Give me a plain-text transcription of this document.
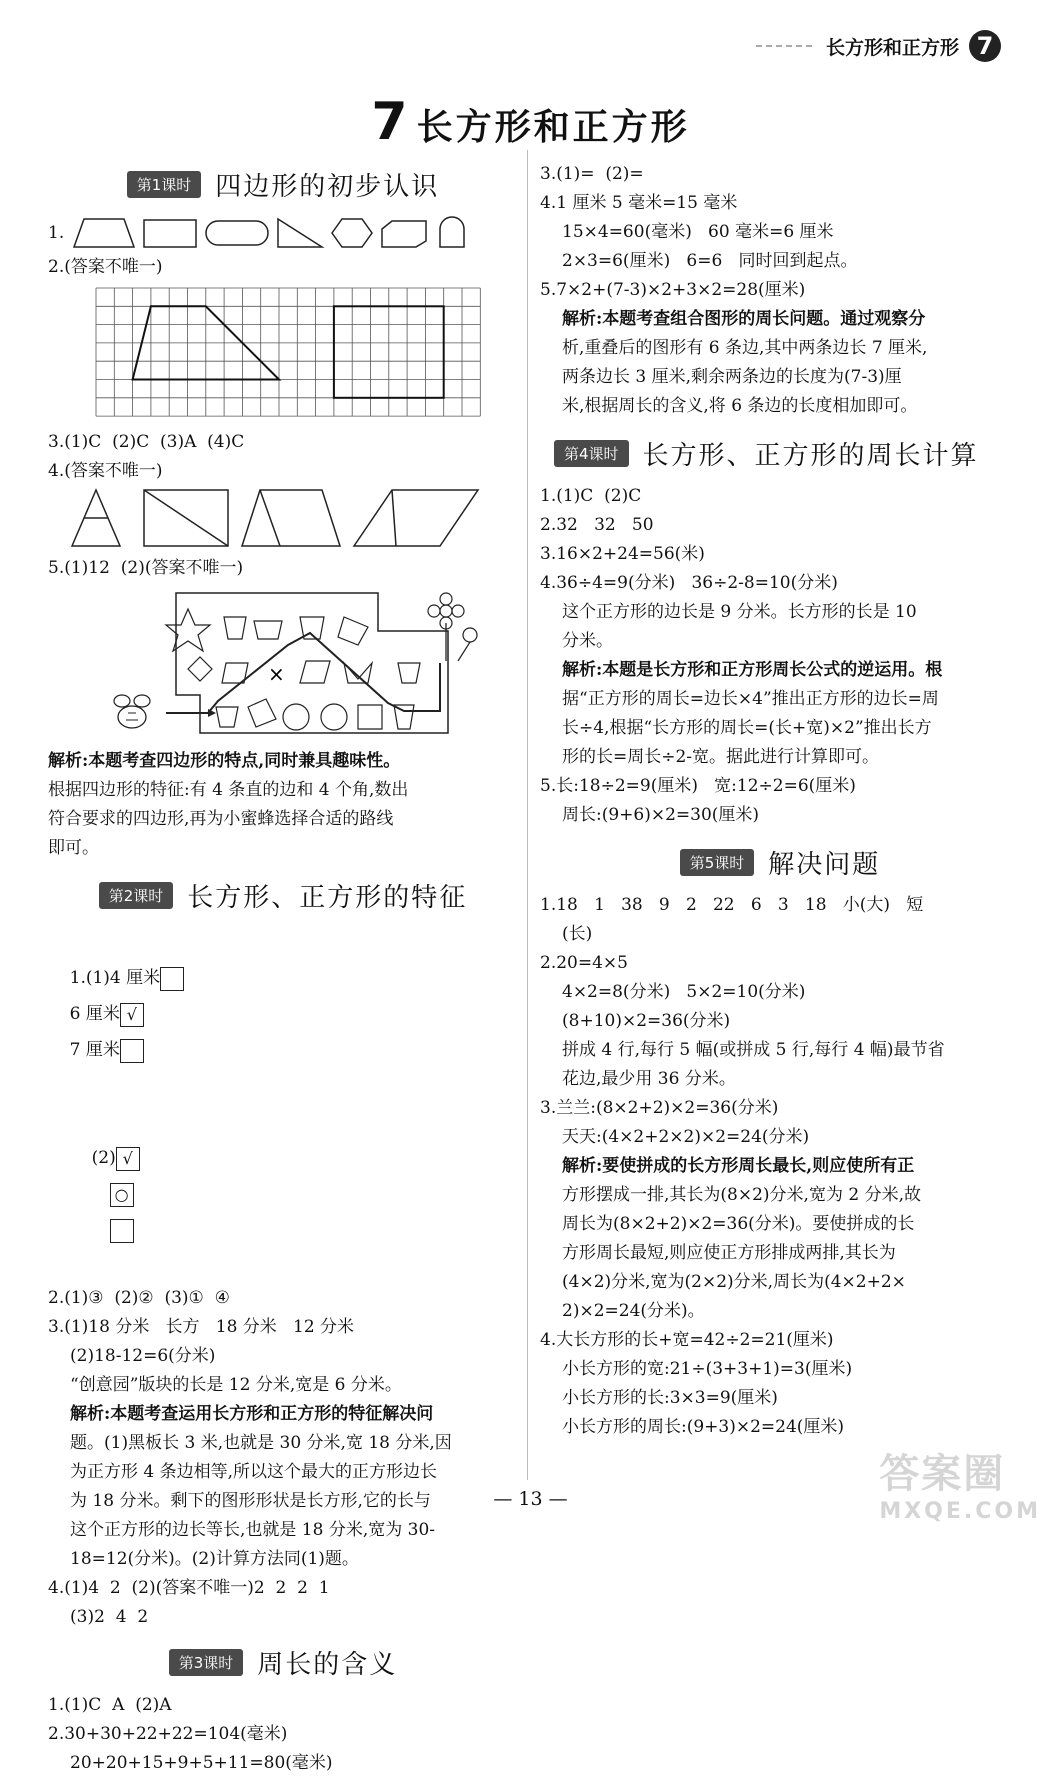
长方形和正方形 7
7 长方形和正方形
第1课时 四边形的初步认识
1.
2.(答案不唯一)
3.(1)C  (2)C  (3)A  (4)C
4.(答案不唯一)
5.(1)12  (2)(答案不唯一)
×
解析:本题考查四边形的特点,同时兼具趣味性。
根据四边形的特征:有 4 条直的边和 4 个角,数出
符合要求的四边形,再为小蜜蜂选择合适的路线
即可。
第2课时 长方形、正方形的特征

1.(1)4 厘米
6 厘米 √
7 厘米

(2) √
○

2.(1)③  (2)②  (3)①  ④
3.(1)18 分米   长方   18 分米   12 分米
(2)18-12=6(分米)
“创意园”版块的长是 12 分米,宽是 6 分米。
解析:本题考查运用长方形和正方形的特征解决问
题。(1)黑板长 3 米,也就是 30 分米,宽 18 分米,因
为正方形 4 条边相等,所以这个最大的正方形边长
为 18 分米。剩下的图形形状是长方形,它的长与
这个正方形的边长等长,也就是 18 分米,宽为 30-
18=12(分米)。(2)计算方法同(1)题。
4.(1)4  2  (2)(答案不唯一)2  2  2  1
(3)2  4  2
第3课时 周长的含义
1.(1)C  A  (2)A
2.30+30+22+22=104(毫米)
20+20+15+9+5+11=80(毫米)
3.(1)=  (2)=
4.1 厘米 5 毫米=15 毫米
15×4=60(毫米)   60 毫米=6 厘米
2×3=6(厘米)   6=6   同时回到起点。
5.7×2+(7-3)×2+3×2=28(厘米)
解析:本题考查组合图形的周长问题。通过观察分
析,重叠后的图形有 6 条边,其中两条边长 7 厘米,
两条边长 3 厘米,剩余两条边的长度为(7-3)厘
米,根据周长的含义,将 6 条边的长度相加即可。
第4课时 长方形、正方形的周长计算
1.(1)C  (2)C
2.32   32   50
3.16×2+24=56(米)
4.36÷4=9(分米)   36÷2-8=10(分米)
这个正方形的边长是 9 分米。长方形的长是 10
分米。
解析:本题是长方形和正方形周长公式的逆运用。根
据“正方形的周长=边长×4”推出正方形的边长=周
长÷4,根据“长方形的周长=(长+宽)×2”推出长方
形的长=周长÷2-宽。据此进行计算即可。
5.长:18÷2=9(厘米)   宽:12÷2=6(厘米)
周长:(9+6)×2=30(厘米)
第5课时 解决问题
1.18   1   38   9   2   22   6   3   18   小(大)   短
(长)
2.20=4×5
4×2=8(分米)   5×2=10(分米)
(8+10)×2=36(分米)
拼成 4 行,每行 5 幅(或拼成 5 行,每行 4 幅)最节省
花边,最少用 36 分米。
3.兰兰:(8×2+2)×2=36(分米)
天天:(4×2+2×2)×2=24(分米)
解析:要使拼成的长方形周长最长,则应使所有正
方形摆成一排,其长为(8×2)分米,宽为 2 分米,故
周长为(8×2+2)×2=36(分米)。要使拼成的长
方形周长最短,则应使正方形排成两排,其长为
(4×2)分米,宽为(2×2)分米,周长为(4×2+2×
2)×2=24(分米)。
4.大长方形的长+宽=42÷2=21(厘米)
小长方形的宽:21÷(3+3+1)=3(厘米)
小长方形的长:3×3=9(厘米)
小长方形的周长:(9+3)×2=24(厘米)
— 13 —
答案圈
MXQE.COM
